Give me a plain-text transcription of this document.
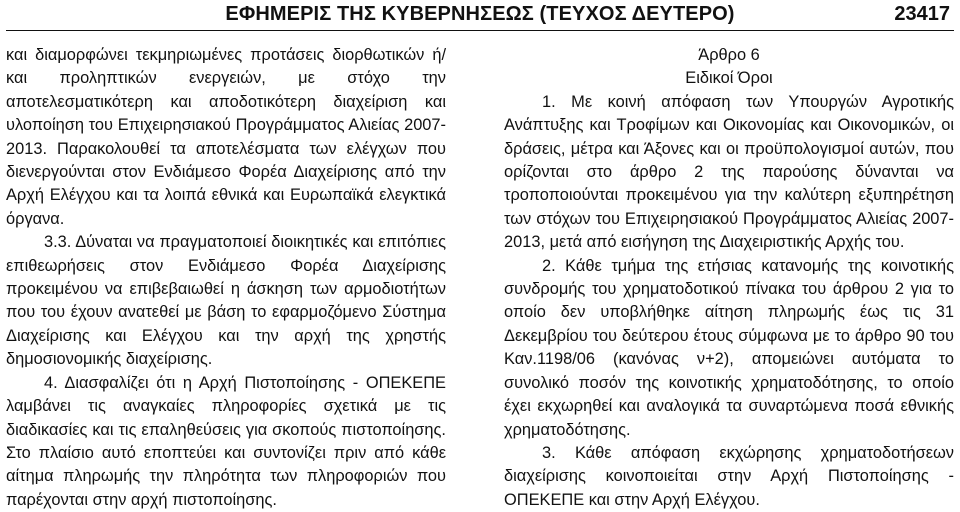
ΕΦΗΜΕΡΙΣ ΤΗΣ ΚΥΒΕΡΝΗΣΕΩΣ (ΤΕΥΧΟΣ ΔΕΥΤΕΡΟ)	23417

και διαμορφώνει τεκμηριωμένες προτάσεις διορθωτικών ή/και προληπτικών ενεργειών, με στόχο την αποτελεσματικότερη και αποδοτικότερη διαχείριση και υλοποίηση του Επιχειρησιακού Προγράμματος Αλιείας 2007-2013. Παρακολουθεί τα αποτελέσματα των ελέγχων που διενεργούνται στον Ενδιάμεσο Φορέα Διαχείρισης από την Αρχή Ελέγχου και τα λοιπά εθνικά και Ευρωπαϊκά ελεγκτικά όργανα.

3.3. Δύναται να πραγματοποιεί διοικητικές και επιτόπιες επιθεωρήσεις στον Ενδιάμεσο Φορέα Διαχείρισης προκειμένου να επιβεβαιωθεί η άσκηση των αρμοδιοτήτων που του έχουν ανατεθεί με βάση το εφαρμοζόμενο Σύστημα Διαχείρισης και Ελέγχου και την αρχή της χρηστής δημοσιονομικής διαχείρισης.

4. Διασφαλίζει ότι η Αρχή Πιστοποίησης - ΟΠΕΚΕΠΕ λαμβάνει τις αναγκαίες πληροφορίες σχετικά με τις διαδικασίες και τις επαληθεύσεις για σκοπούς πιστοποίησης. Στο πλαίσιο αυτό εποπτεύει και συντονίζει πριν από κάθε αίτημα πληρωμής την πληρότητα των πληροφοριών που παρέχονται στην αρχή πιστοποίησης.

Άρθρο 6

Ειδικοί Όροι

1. Με κοινή απόφαση των Υπουργών Αγροτικής Ανάπτυξης και Τροφίμων και Οικονομίας και Οικονομικών, οι δράσεις, μέτρα και Άξονες και οι προϋπολογισμοί αυτών, που ορίζονται στο άρθρο 2 της παρούσης δύνανται να τροποποιούνται προκειμένου για την καλύτερη εξυπηρέτηση των στόχων του Επιχειρησιακού Προγράμματος Αλιείας 2007-2013, μετά από εισήγηση της Διαχειριστικής Αρχής του.

2. Κάθε τμήμα της ετήσιας κατανομής της κοινοτικής συνδρομής του χρηματοδοτικού πίνακα του άρθρου 2 για το οποίο δεν υποβλήθηκε αίτηση πληρωμής έως τις 31 Δεκεμβρίου του δεύτερου έτους σύμφωνα με το άρθρο 90 του Καν.1198/06 (κανόνας ν+2), απομειώνει αυτόματα το συνολικό ποσόν της κοινοτικής χρηματοδότησης, το οποίο έχει εκχωρηθεί και αναλογικά τα συναρτώμενα ποσά εθνικής χρηματοδότησης.

3. Κάθε απόφαση εκχώρησης χρηματοδοτήσεων διαχείρισης κοινοποιείται στην Αρχή Πιστοποίησης - ΟΠΕΚΕΠΕ και στην Αρχή Ελέγχου.
